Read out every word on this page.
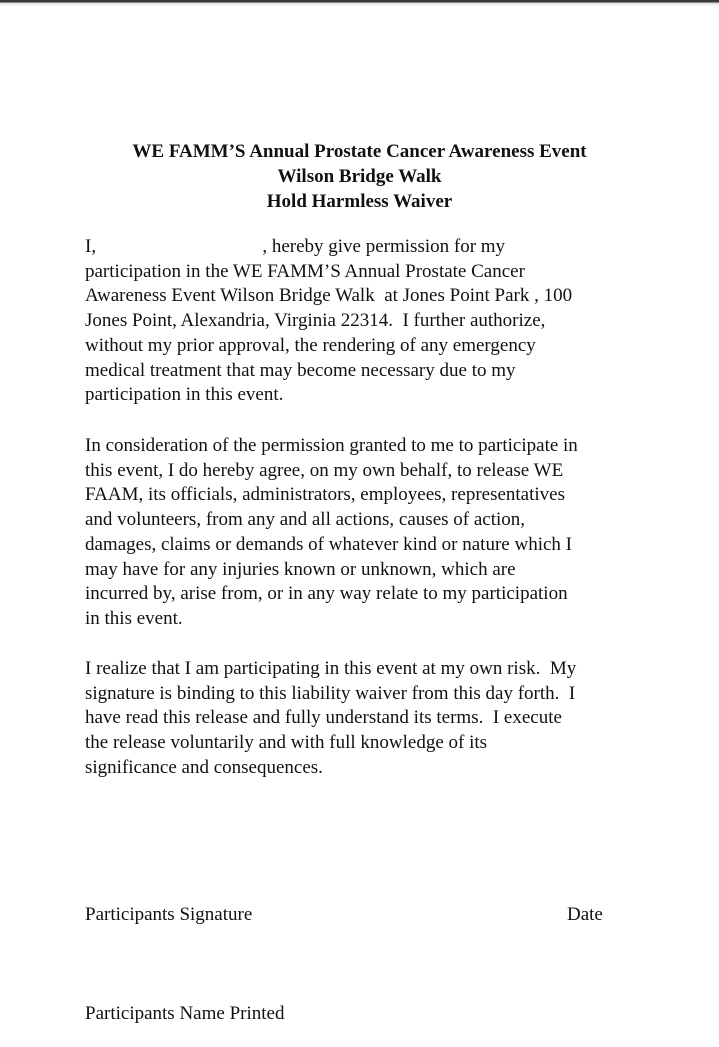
WE FAMM’S Annual Prostate Cancer Awareness Event
Wilson Bridge Walk
Hold Harmless Waiver
I,                                   , hereby give permission for my
participation in the WE FAMM’S Annual Prostate Cancer
Awareness Event Wilson Bridge Walk  at Jones Point Park , 100
Jones Point, Alexandria, Virginia 22314.  I further authorize,
without my prior approval, the rendering of any emergency
medical treatment that may become necessary due to my
participation in this event.
In consideration of the permission granted to me to participate in
this event, I do hereby agree, on my own behalf, to release WE
FAAM, its officials, administrators, employees, representatives
and volunteers, from any and all actions, causes of action,
damages, claims or demands of whatever kind or nature which I
may have for any injuries known or unknown, which are
incurred by, arise from, or in any way relate to my participation
in this event.
I realize that I am participating in this event at my own risk.  My
signature is binding to this liability waiver from this day forth.  I
have read this release and fully understand its terms.  I execute
the release voluntarily and with full knowledge of its
significance and consequences.
Participants Signature	Date
Participants Name Printed
